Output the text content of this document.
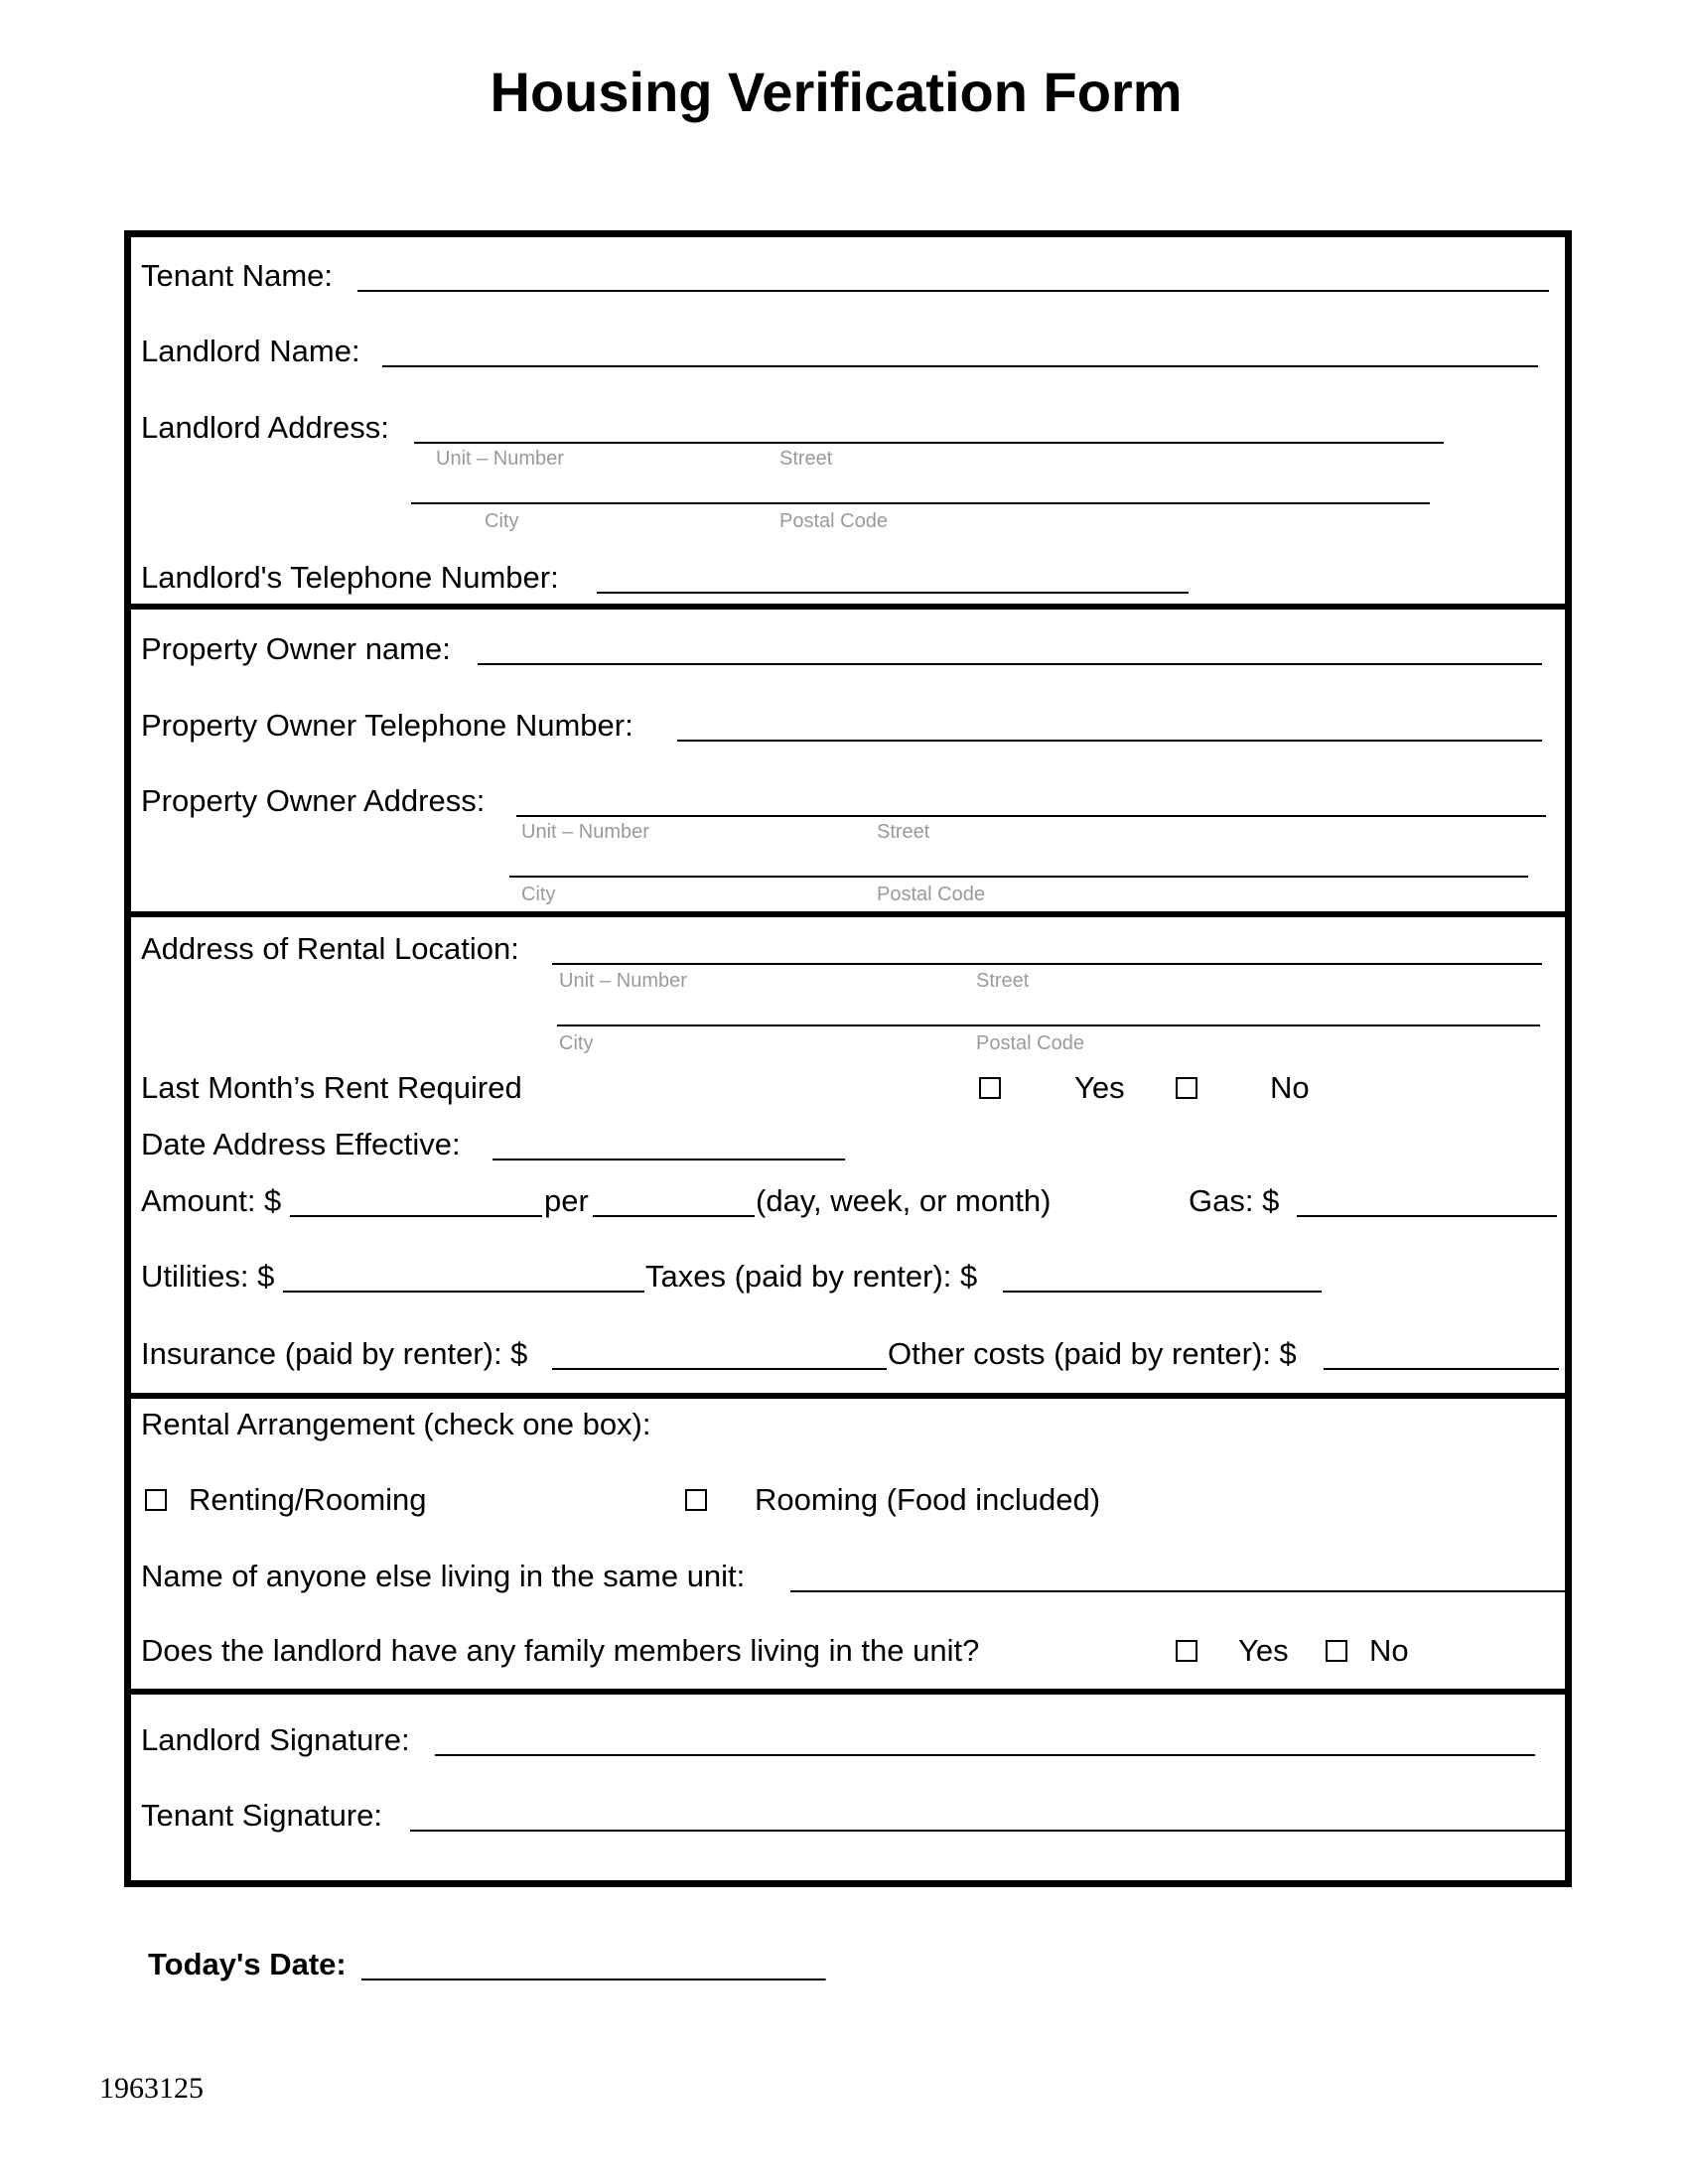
Housing Verification Form
Tenant Name:
Landlord Name:
Landlord Address:
Unit – Number	Street
City	Postal Code
Landlord's Telephone Number:
Property Owner name:
Property Owner Telephone Number:
Property Owner Address:
Unit – Number	Street
City	Postal Code
Address of Rental Location:
Unit – Number	Street
City	Postal Code
Last Month’s Rent Required	Yes	No
Date Address Effective:
Amount: $	per	(day, week, or month)	Gas: $
Utilities: $	Taxes (paid by renter): $
Insurance (paid by renter): $	Other costs (paid by renter): $
Rental Arrangement (check one box):
Renting/Rooming	Rooming (Food included)
Name of anyone else living in the same unit:
Does the landlord have any family members living in the unit?	Yes	No
Landlord Signature:
Tenant Signature:
Today's Date:	_
1963125
